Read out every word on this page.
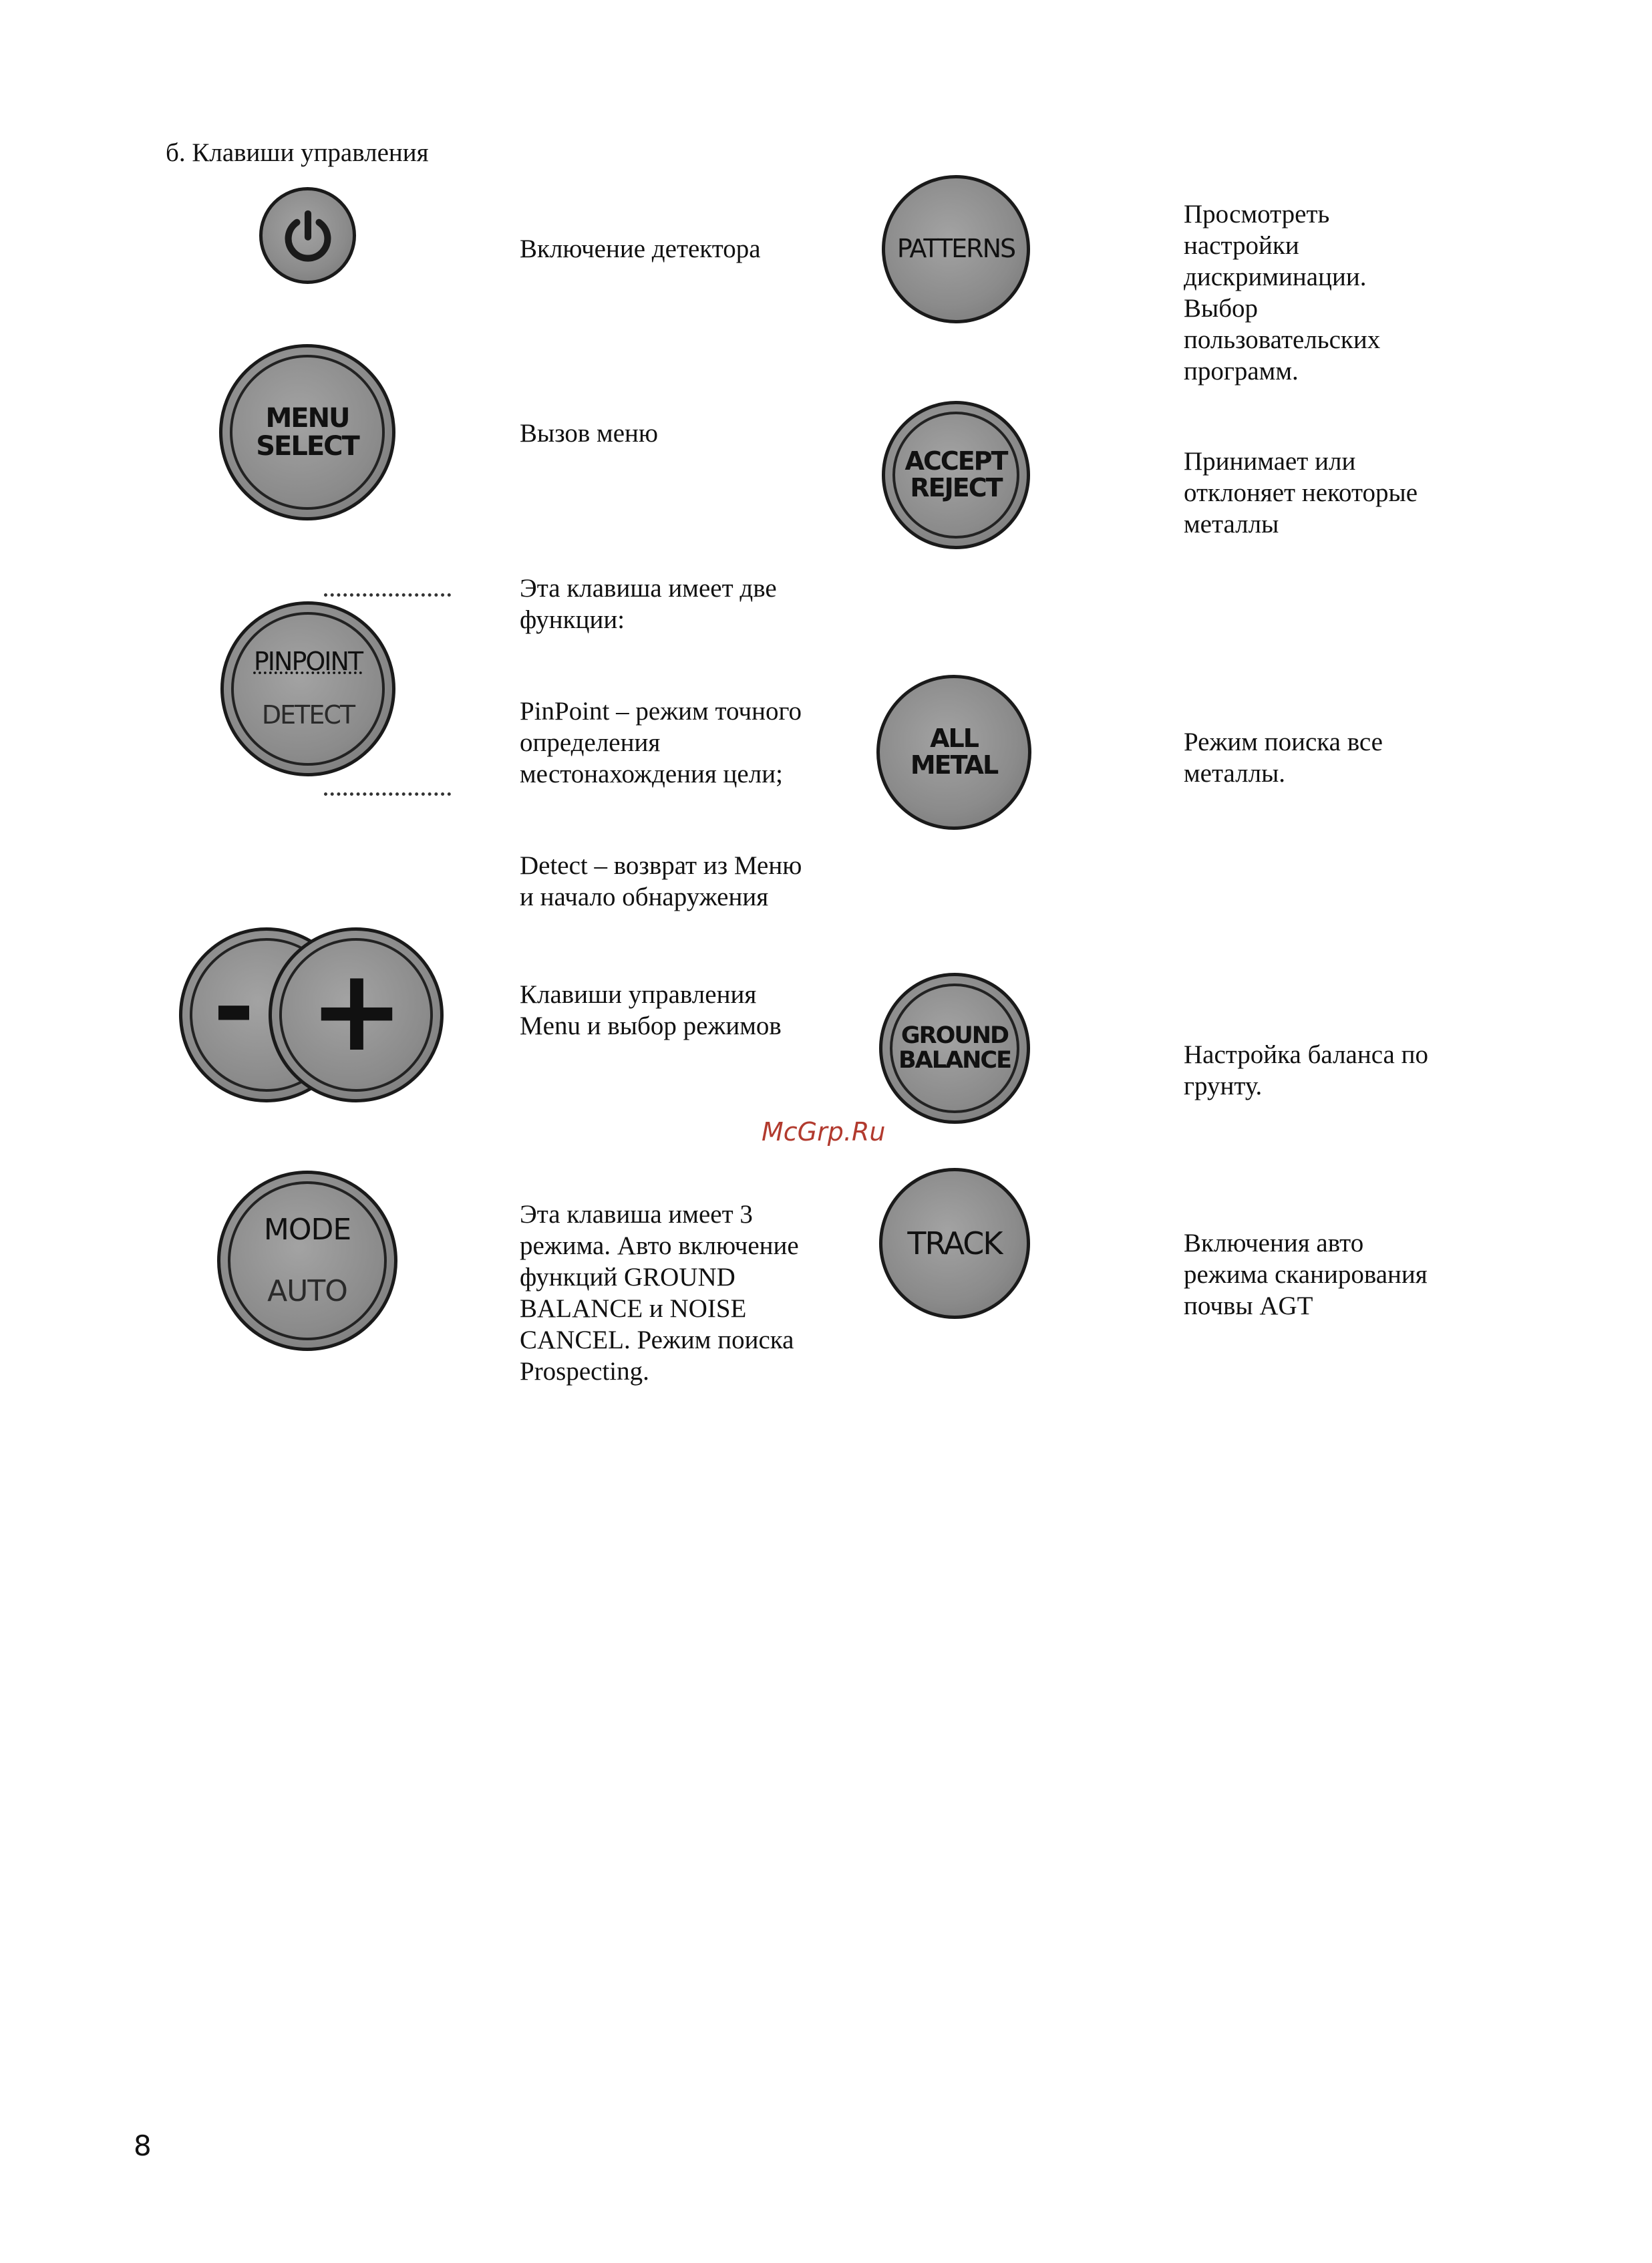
б. Клавиши управления
MENU
SELECT

PINPOINT

DETECT

- +

MODE

AUTO

Включение детектора

Вызов меню

Эта клавиша имеет две
функции:

PinPoint – режим точного
определения
местонахождения цели;

Detect – возврат из Меню
и начало обнаружения

Клавиши управления
Menu и выбор режимов

Эта клавиша имеет 3
режима. Авто включение
функций GROUND
BALANCE и NOISE
CANCEL. Режим поиска
Prospecting.

PATTERNS
ACCEPT
REJECT
ALL
METAL
GROUND
BALANCE
TRACK

Просмотреть
настройки
дискриминации.
Выбор
пользовательских
программ.

Принимает или
отклоняет некоторые
металлы

Режим поиска все
металлы.

Настройка баланса по
грунту.

Включения авто
режима сканирования
почвы AGT

McGrp.Ru
8
